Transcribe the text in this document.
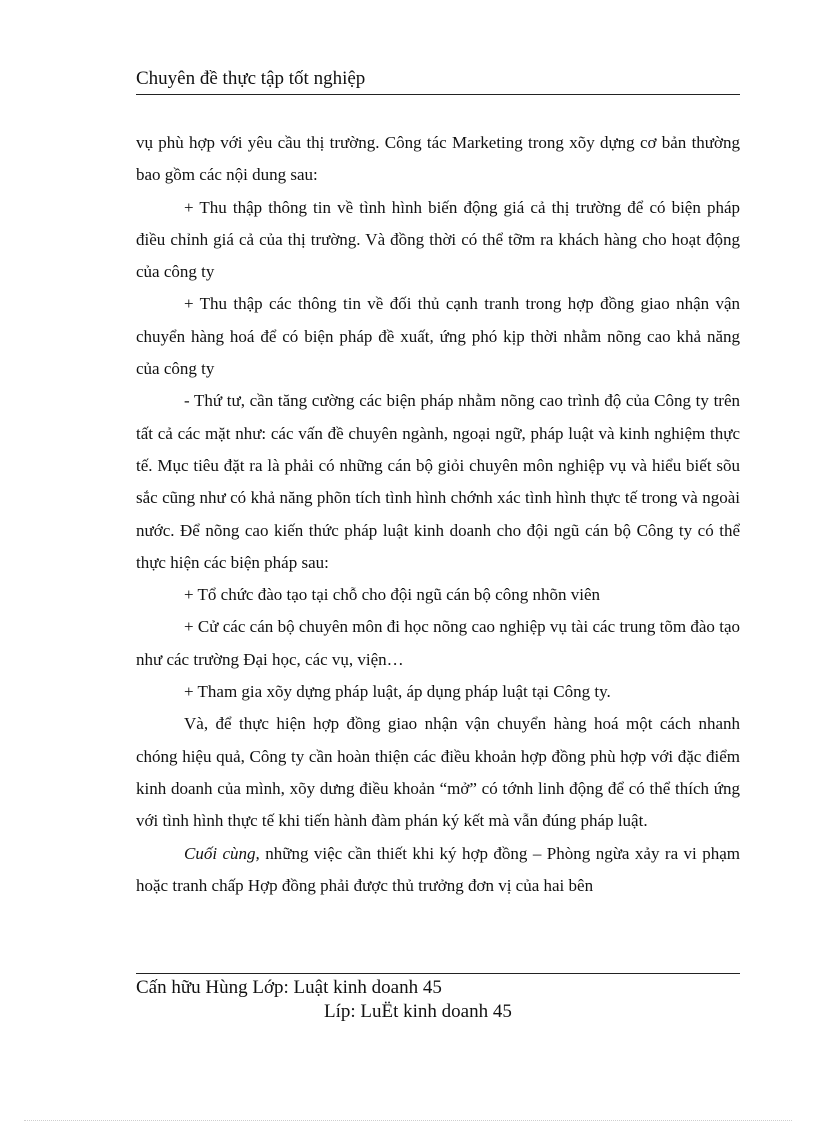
Chuyên đề thực tập tốt nghiệp

vụ phù hợp với yêu cầu thị trường. Công tác Marketing trong xõy dựng cơ bản thường bao gồm các nội dung sau:

+ Thu thập thông tin về tình hình biến động giá cả thị trường để có biện pháp điều chỉnh giá cả của thị trường. Và đồng thời có thể tỡm ra khách hàng cho hoạt động của công ty

+ Thu thập các thông tin về đối thủ cạnh tranh trong hợp đồng giao nhận vận chuyển hàng hoá để có biện pháp đề xuất, ứng phó kịp thời nhằm nõng cao khả năng của công ty

- Thứ tư, cần tăng cường các biện pháp nhằm nõng cao trình độ của Công ty trên tất cả các mặt như: các vấn đề chuyên ngành, ngoại ngữ, pháp luật và kinh nghiệm thực tế. Mục tiêu đặt ra là phải có những cán bộ giỏi chuyên môn nghiệp vụ và hiểu biết sõu sắc cũng như có khả năng phõn tích tình hình chớnh xác tình hình thực tế trong và ngoài nước. Để nõng cao kiến thức pháp luật kinh doanh cho đội ngũ cán bộ Công ty có thể thực hiện các biện pháp sau:

+ Tổ chức đào tạo tại chỗ cho đội ngũ cán bộ công nhõn viên

+ Cử các cán bộ chuyên môn đi học nõng cao nghiệp vụ tài các trung tõm đào tạo như các trường Đại học, các vụ, viện…

+ Tham gia xõy dựng pháp luật, áp dụng pháp luật tại Công ty.

Và, để thực hiện hợp đồng giao nhận vận chuyển hàng hoá một cách nhanh chóng hiệu quả, Công ty cần hoàn thiện các điều khoản hợp đồng phù hợp với đặc điểm kinh doanh của mình, xõy dưng điều khoản “mở” có tớnh linh động để có thể thích ứng với tình hình thực tế khi tiến hành đàm phán ký kết mà vẫn đúng pháp luật.

Cuối cùng, những việc cần thiết khi ký hợp đồng – Phòng ngừa xảy ra vi phạm hoặc tranh chấp Hợp đồng phải được thủ trưởng đơn vị của hai bên

Cấn hữu Hùng Lớp: Luật kinh doanh 45
Líp: LuËt kinh doanh 45
